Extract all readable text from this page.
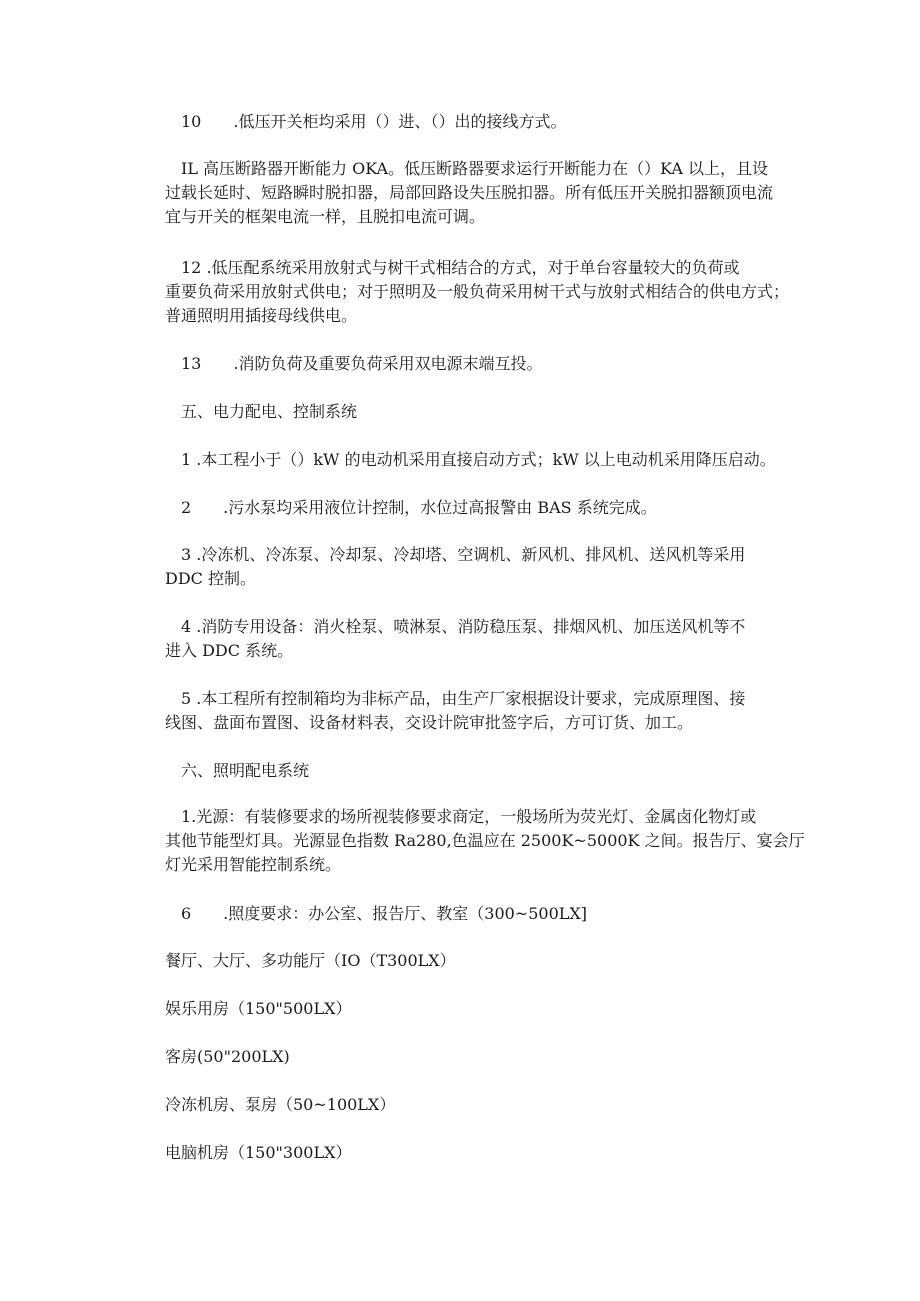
　10　　.低压开关柜均采用（）进、（）出的接线方式。

　IL 高压断路器开断能力 OKA。低压断路器要求运行开断能力在（）KA 以上，且设
过载长延时、短路瞬时脱扣器，局部回路设失压脱扣器。所有低压开关脱扣器额顶电流
宜与开关的框架电流一样，且脱扣电流可调。

　12 .低压配系统采用放射式与树干式相结合的方式，对于单台容量较大的负荷或
重要负荷采用放射式供电；对于照明及一般负荷采用树干式与放射式相结合的供电方式；
普通照明用插接母线供电。

　13　　.消防负荷及重要负荷采用双电源末端互投。

　五、电力配电、控制系统

　1 .本工程小于（）kW 的电动机采用直接启动方式；kW 以上电动机采用降压启动。

　2　　.污水泵均采用液位计控制，水位过高报警由 BAS 系统完成。

　3 .冷冻机、冷冻泵、冷却泵、冷却塔、空调机、新风机、排风机、送风机等采用
DDC 控制。

　4 .消防专用设备：消火栓泵、喷淋泵、消防稳压泵、排烟风机、加压送风机等不
进入 DDC 系统。

　5 .本工程所有控制箱均为非标产品，由生产厂家根据设计要求，完成原理图、接
线图、盘面布置图、设备材料表，交设计院审批签字后，方可订货、加工。

　六、照明配电系统

　1.光源：有装修要求的场所视装修要求商定，一般场所为荧光灯、金属卤化物灯或
其他节能型灯具。光源显色指数 Ra280,色温应在 2500K~5000K 之间。报告厅、宴会厅
灯光采用智能控制系统。

　6　　.照度要求：办公室、报告厅、教室（300~500LX]

餐厅、大厅、多功能厅（IO（T300LX）

娱乐用房（150"500LX）

客房(50"200LX)

冷冻机房、泵房（50~100LX）

电脑机房（150"300LX）
